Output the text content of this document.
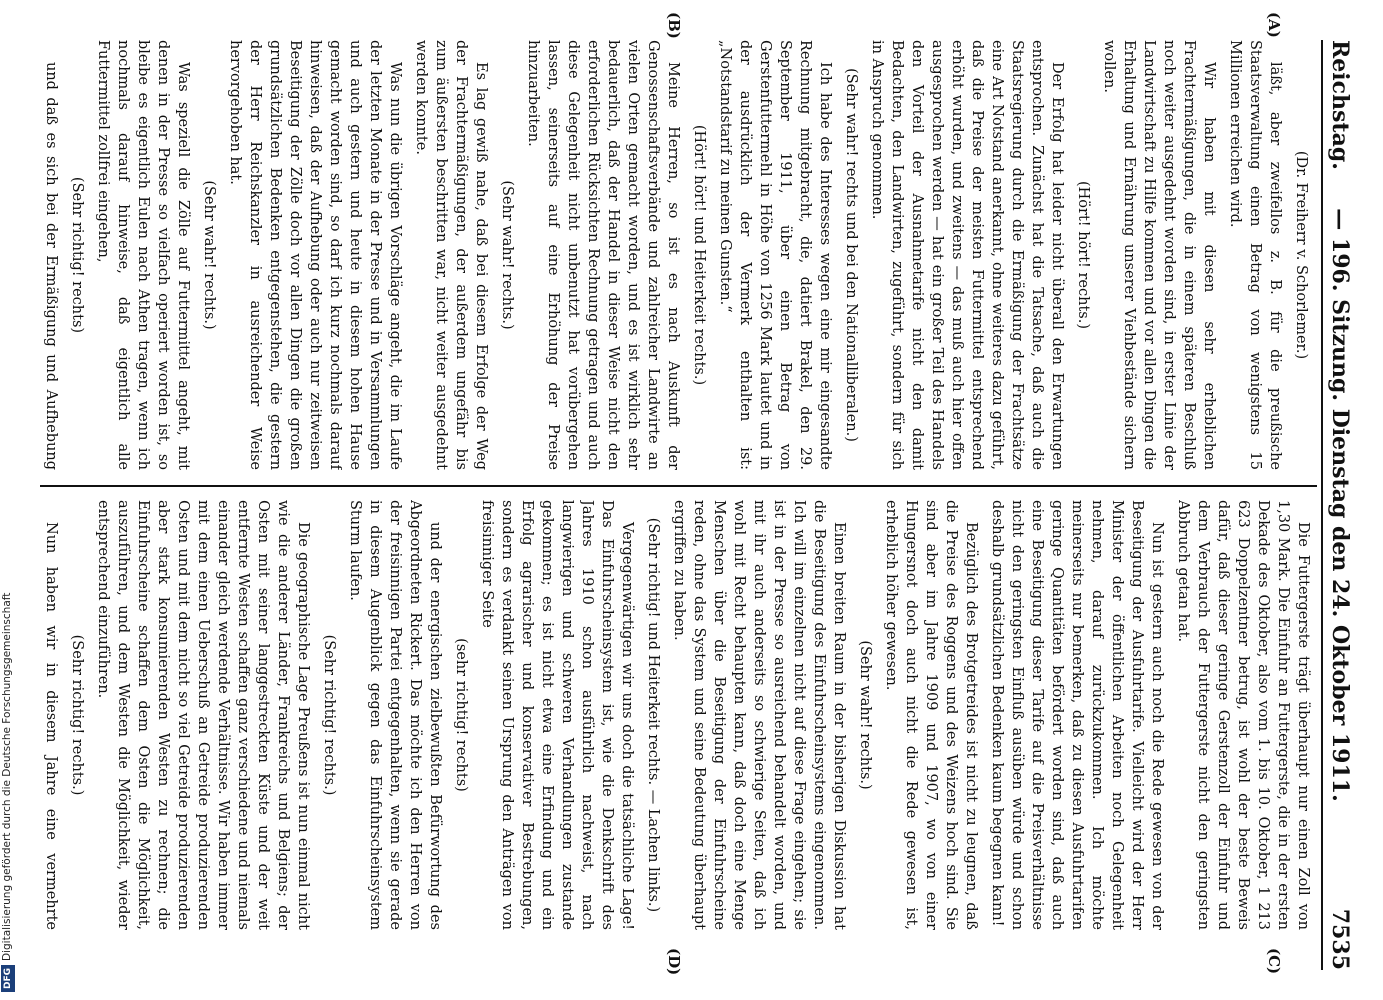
Reichstag.
— 196. Sitzung. Dienstag den 24. Oktober 1911.
7535
(A)
(B)
(C)
(D)

(Dr. Freiherr v. Schorlemer.)

läßt, aber zweifellos z. B. für die preußische Staatsverwaltung einen Betrag von wenigstens 15 Millionen erreichen wird.

Wir haben mit diesen sehr erheblichen Frachtermäßigungen, die in einem späteren Beschluß noch weiter ausgedehnt worden sind, in erster Linie der Landwirtschaft zu Hilfe kommen und vor allen Dingen die Erhaltung und Ernährung unserer Viehbestände sichern wollen.

(Hört! hört! rechts.)

Der Erfolg hat leider nicht überall den Erwartungen entsprochen. Zunächst hat die Tatsache, daß auch die Staatsregierung durch die Ermäßigung der Frachtsätze eine Art Notstand anerkannt, ohne weiteres dazu geführt, daß die Preise der meisten Futtermittel entsprechend erhöht wurden, und zweitens — das muß auch hier offen ausgesprochen werden — hat ein großer Teil des Handels den Vorteil der Ausnahmetarife nicht den damit Bedachten, den Landwirten, zugeführt, sondern für sich in Anspruch genommen.

(Sehr wahr! rechts und bei den Nationalliberalen.)

Ich habe des Interesses wegen eine mir eingesandte Rechnung mitgebracht, die, datiert Brakel, den 29. September 1911, über einen Betrag von Gerstenfuttermehl in Höhe von 1256 Mark lautet und in der ausdrücklich der Vermerk enthalten ist: „Notstandstarif zu meinen Gunsten.“

(Hört! hört! und Heiterkeit rechts.)

Meine Herren, so ist es nach Auskunft der Genossenschaftsverbände und zahlreicher Landwirte an vielen Orten gemacht worden, und es ist wirklich sehr bedauerlich, daß der Handel in dieser Weise nicht den erforderlichen Rücksichten Rechnung getragen und auch diese Gelegenheit nicht unbenutzt hat vorübergehen lassen, seinerseits auf eine Erhöhung der Preise hinzuarbeiten.

(Sehr wahr! rechts.)

Es lag gewiß nahe, daß bei diesem Erfolge der Weg der Frachtermäßigungen, der außerdem ungefähr bis zum äußersten beschritten war, nicht weiter ausgedehnt werden konnte.

Was nun die übrigen Vorschläge angeht, die im Laufe der letzten Monate in der Presse und in Versammlungen und auch gestern und heute in diesem hohen Hause gemacht worden sind, so darf ich kurz nochmals darauf hinweisen, daß der Aufhebung oder auch nur zeitweisen Beseitigung der Zölle doch vor allen Dingen die großen grundsätzlichen Bedenken entgegenstehen, die gestern der Herr Reichskanzler in ausreichender Weise hervorgehoben hat.

(Sehr wahr! rechts.)

Was speziell die Zölle auf Futtermittel angeht, mit denen in der Presse so vielfach operiert worden ist, so bleibe es eigentlich Eulen nach Athen tragen, wenn ich nochmals darauf hinweise, daß eigentlich alle Futtermittel zollfrei eingehen,

(Sehr richtig! rechts)

und daß es sich bei der Ermäßigung und Aufhebung

Die Futtergerste trägt überhaupt nur einen Zoll von 1,30 Mark. Die Einfuhr an Futtergerste, die in der ersten Dekade des Oktober, also vom 1. bis 10. Oktober, 1 213 623 Doppelzentner betrug, ist wohl der beste Beweis dafür, daß dieser geringe Gerstenzoll der Einfuhr und dem Verbrauch der Futtergerste nicht den geringsten Abbruch getan hat.

Nun ist gestern auch noch die Rede gewesen von der Beseitigung der Ausfuhrtarife. Vielleicht wird der Herr Minister der öffentlichen Arbeiten noch Gelegenheit nehmen, darauf zurückzukommen. Ich möchte meinerseits nur bemerken, daß zu diesen Ausfuhrtarifen geringe Quantitäten befördert worden sind, daß auch eine Beseitigung dieser Tarife auf die Preisverhältnisse nicht den geringsten Einfluß ausüben würde und schon deshalb grundsätzlichen Bedenken kaum begegnen kann!

Bezüglich des Brotgetreides ist nicht zu leugnen, daß die Preise des Roggens und des Weizens hoch sind. Sie sind aber im Jahre 1909 und 1907, wo von einer Hungersnot doch auch nicht die Rede gewesen ist, erheblich höher gewesen.

(Sehr wahr! rechts.)

Einen breiten Raum in der bisherigen Diskussion hat die Beseitigung des Einfuhrscheinsystems eingenommen. Ich will im einzelnen nicht auf diese Frage eingehen; sie ist in der Presse so ausreichend behandelt worden, und mit ihr auch anderseits so schwierige Seiten, daß ich wohl mit Recht behaupten kann, daß doch eine Menge Menschen über die Beseitigung der Einfuhrscheine reden, ohne das System und seine Bedeutung überhaupt ergriffen zu haben.

(Sehr richtig! und Heiterkeit rechts. — Lachen links.)

Vergegenwärtigen wir uns doch die tatsächliche Lage! Das Einfuhrscheinsystem ist, wie die Denkschrift des Jahres 1910 schon ausführlich nachweist, nach langwierigen und schweren Verhandlungen zustande gekommen; es ist nicht etwa eine Erfindung und ein Erfolg agrarischer und konservativer Bestrebungen, sondern es verdankt seinen Ursprung den Anträgen von freisinniger Seite

(sehr richtig! rechts)

und der energischen zielbewußten Befürwortung des Abgeordneten Rickert. Das möchte ich den Herren von der freisinnigen Partei entgegenhalten, wenn sie gerade in diesem Augenblick gegen das Einfuhrscheinsystem Sturm laufen.

(Sehr richtig! rechts.)

Die geographische Lage Preußens ist nun einmal nicht wie die anderer Länder, Frankreichs und Belgiens; der Osten mit seiner langgestreckten Küste und der weit entfernte Westen schaffen ganz verschiedene und niemals einander gleich werdende Verhältnisse. Wir haben immer mit dem einen Ueberschuß an Getreide produzierenden Osten und mit dem nicht so viel Getreide produzierenden aber stark konsumierenden Westen zu rechnen; die Einfuhrscheine schaffen dem Osten die Möglichkeit, auszuführen, und dem Westen die Möglichkeit, wieder entsprechend einzuführen.

(Sehr richtig! rechts.)

Nun haben wir in diesem Jahre eine vermehrte

DFGDigitalisierung gefördert durch die Deutsche Forschungsgemeinschaft
